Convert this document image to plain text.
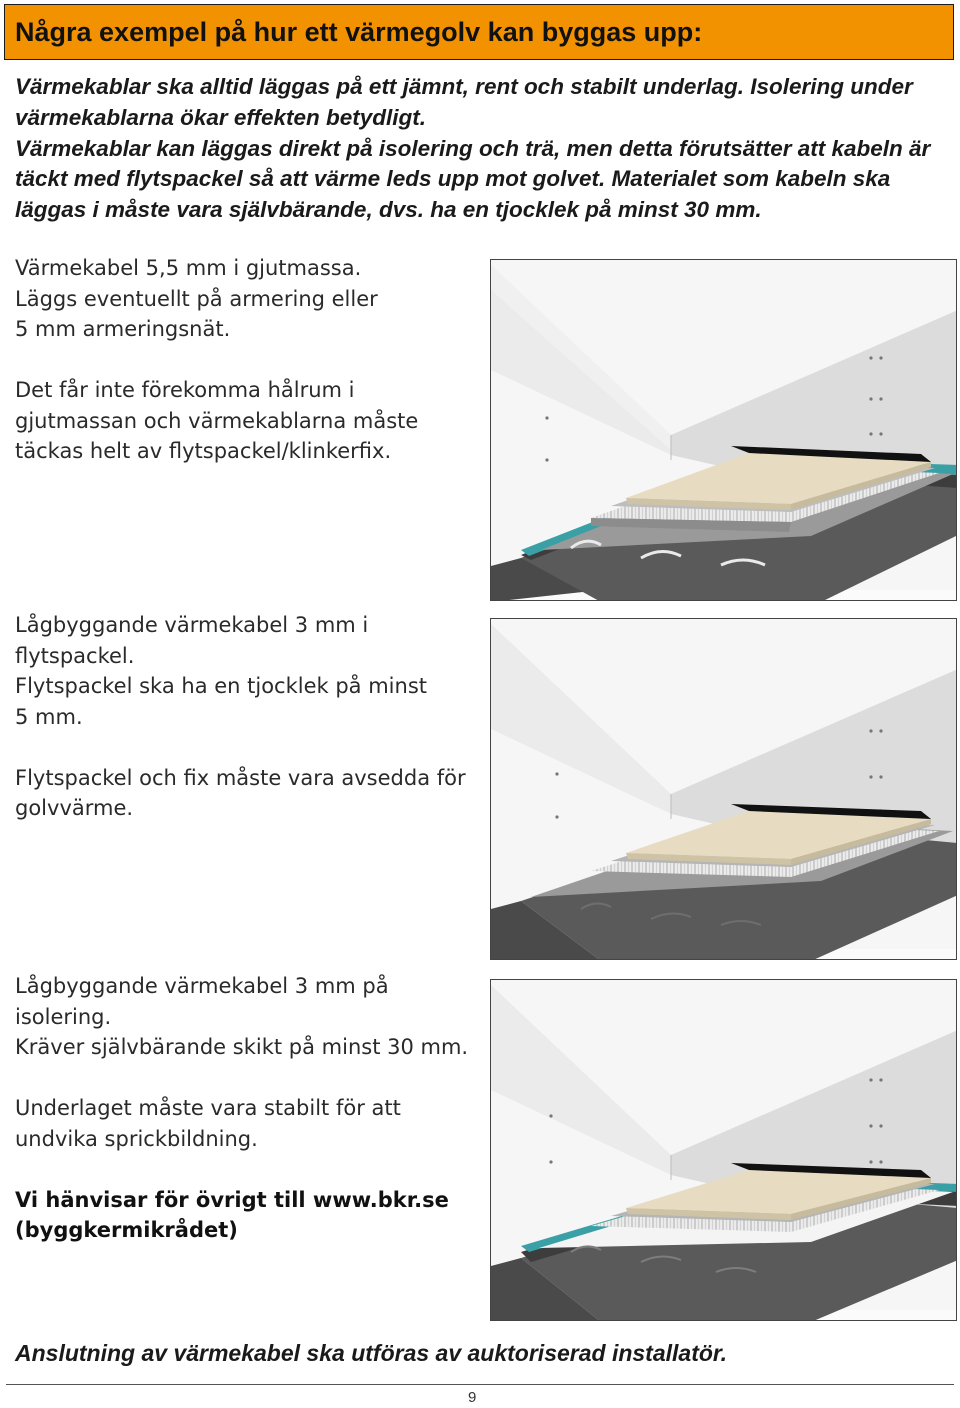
Några exempel på hur ett värmegolv kan byggas upp:

Värmekablar ska alltid läggas på ett jämnt, rent och stabilt underlag. Isolering under värmekablarna ökar effekten betydligt.

Värmekablar kan läggas direkt på isolering och trä, men detta förutsätter att kabeln är täckt med flytspackel så att värme leds upp mot golvet. Materialet som kabeln ska läggas i måste vara självbärande, dvs. ha en tjocklek på minst 30 mm.

Värmekabel 5,5 mm i gjutmassa.

Läggs eventuellt på armering eller

5 mm armeringsnät.

Det får inte förekomma hålrum i

gjutmassan och värmekablarna måste

täckas helt av flytspackel/klinkerfix.

Lågbyggande värmekabel 3 mm i

flytspackel.

Flytspackel ska ha en tjocklek på minst

5 mm.

Flytspackel och fix måste vara avsedda för

golvvärme.

Lågbyggande värmekabel 3 mm på

isolering.

Kräver självbärande skikt på minst 30 mm.

Underlaget måste vara stabilt för att

undvika sprickbildning.

Vi hänvisar för övrigt till www.bkr.se

(byggkermikrådet)

Anslutning av värmekabel ska utföras av auktoriserad installatör.
9
